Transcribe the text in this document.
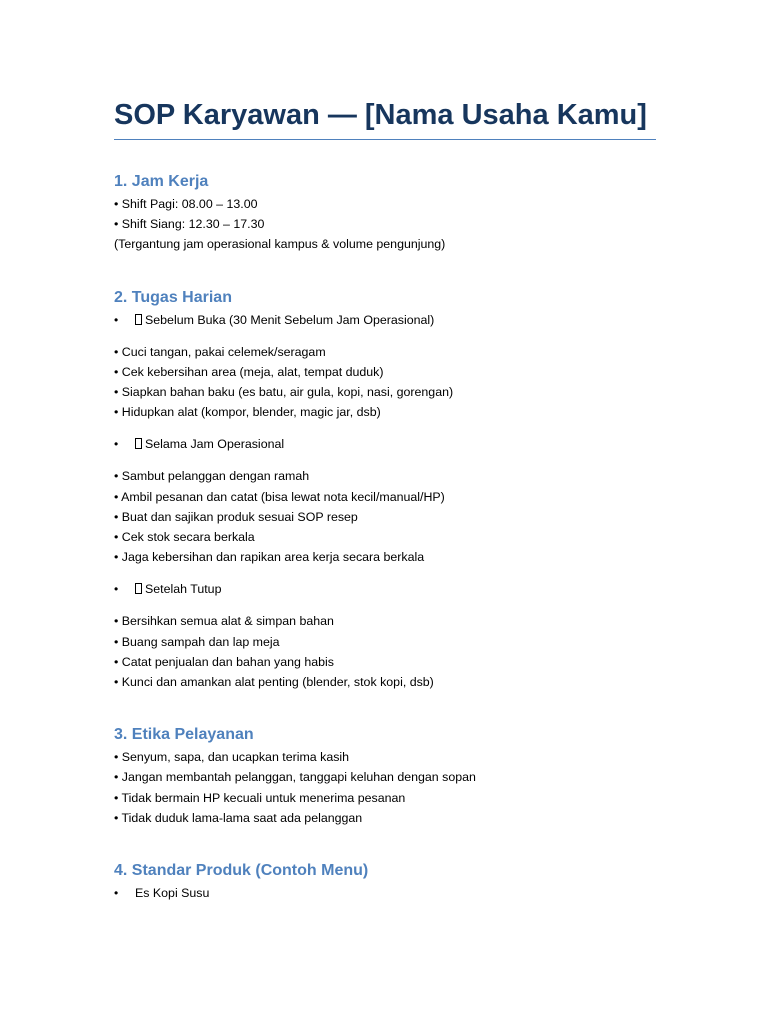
SOP Karyawan — [Nama Usaha Kamu]
1. Jam Kerja

• Shift Pagi: 08.00 – 13.00

• Shift Siang: 12.30 – 17.30

(Tergantung jam operasional kampus & volume pengunjung)

2. Tugas Harian

• Sebelum Buka (30 Menit Sebelum Jam Operasional)

• Cuci tangan, pakai celemek/seragam

• Cek kebersihan area (meja, alat, tempat duduk)

• Siapkan bahan baku (es batu, air gula, kopi, nasi, gorengan)

• Hidupkan alat (kompor, blender, magic jar, dsb)

• Selama Jam Operasional

• Sambut pelanggan dengan ramah

• Ambil pesanan dan catat (bisa lewat nota kecil/manual/HP)

• Buat dan sajikan produk sesuai SOP resep

• Cek stok secara berkala

• Jaga kebersihan dan rapikan area kerja secara berkala

• Setelah Tutup

• Bersihkan semua alat & simpan bahan

• Buang sampah dan lap meja

• Catat penjualan dan bahan yang habis

• Kunci dan amankan alat penting (blender, stok kopi, dsb)

3. Etika Pelayanan

• Senyum, sapa, dan ucapkan terima kasih

• Jangan membantah pelanggan, tanggapi keluhan dengan sopan

• Tidak bermain HP kecuali untuk menerima pesanan

• Tidak duduk lama-lama saat ada pelanggan

4. Standar Produk (Contoh Menu)

• Es Kopi Susu
